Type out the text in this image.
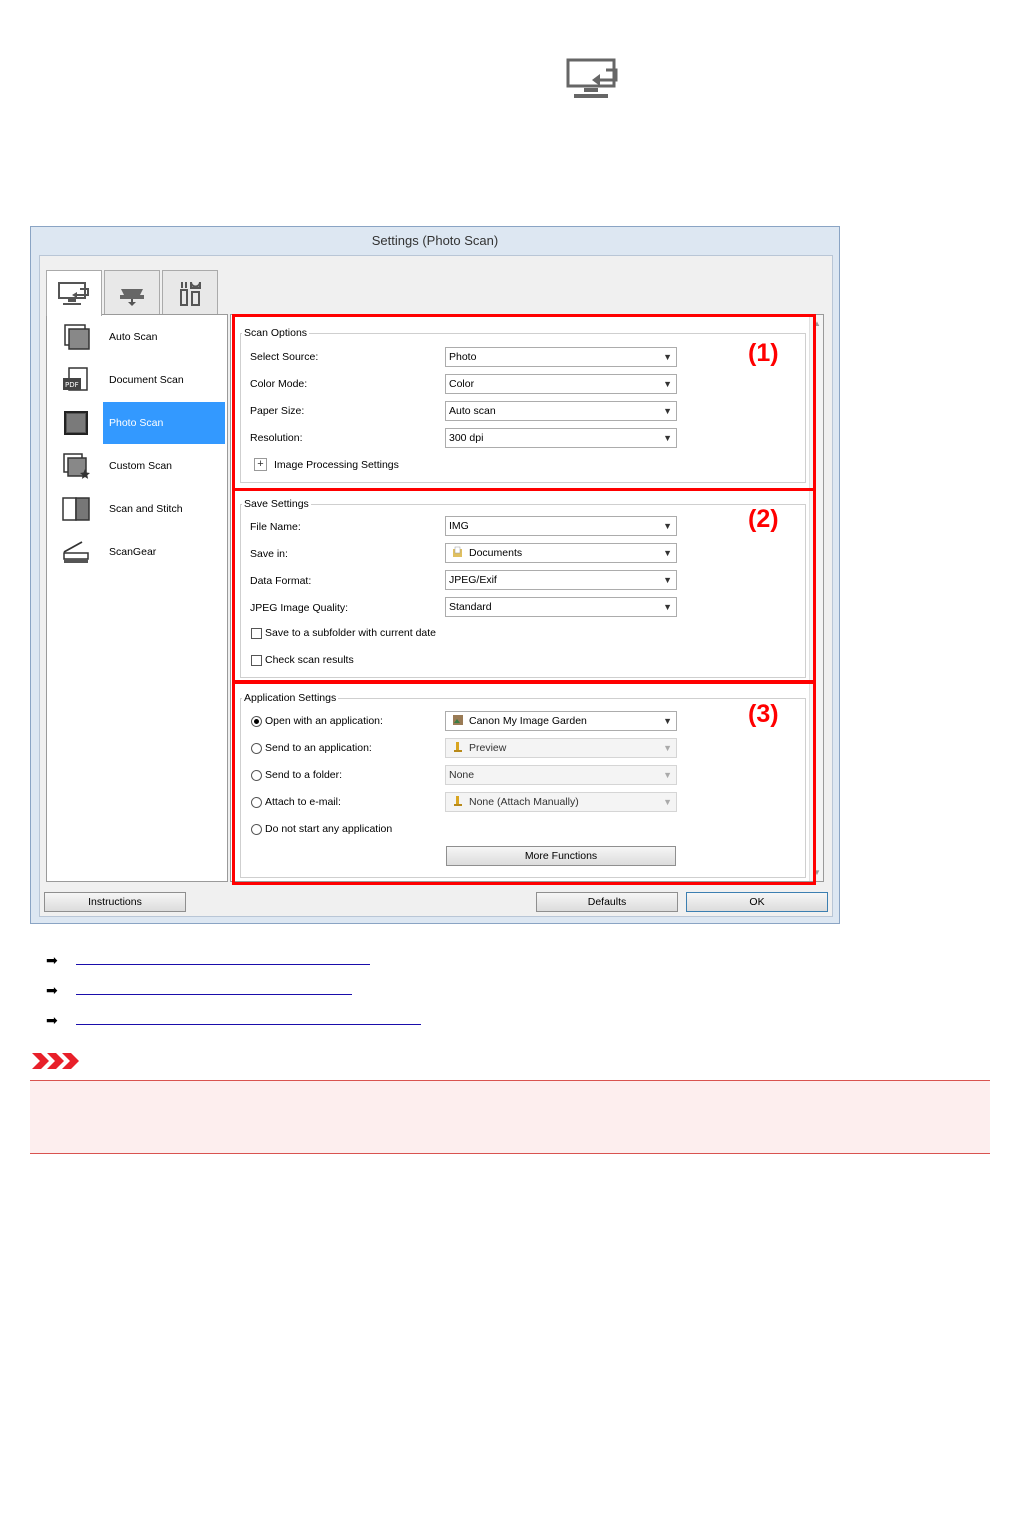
Settings (Photo Scan)
Auto Scan
PDF	Document Scan
Photo Scan
Custom Scan
Scan and Stitch
ScanGear
▲
▼
Scan Options
(1)
Select Source:	Photo	▼
Color Mode:	Color	▼
Paper Size:	Auto scan	▼
Resolution:	300 dpi	▼
+ Image Processing Settings
Save Settings
(2)
File Name:	IMG	▼
Save in:	Documents	▼
Data Format:	JPEG/Exif	▼
JPEG Image Quality:	Standard	▼
Save to a subfolder with current date
Check scan results
Application Settings
(3)
Open with an application:	Canon My Image Garden	▼
Send to an application:	Preview	▼
Send to a folder:	None	▼
Attach to e-mail:	None (Attach Manually)	▼
Do not start any application
More Functions
Instructions	Defaults	OK
➡
➡
➡
